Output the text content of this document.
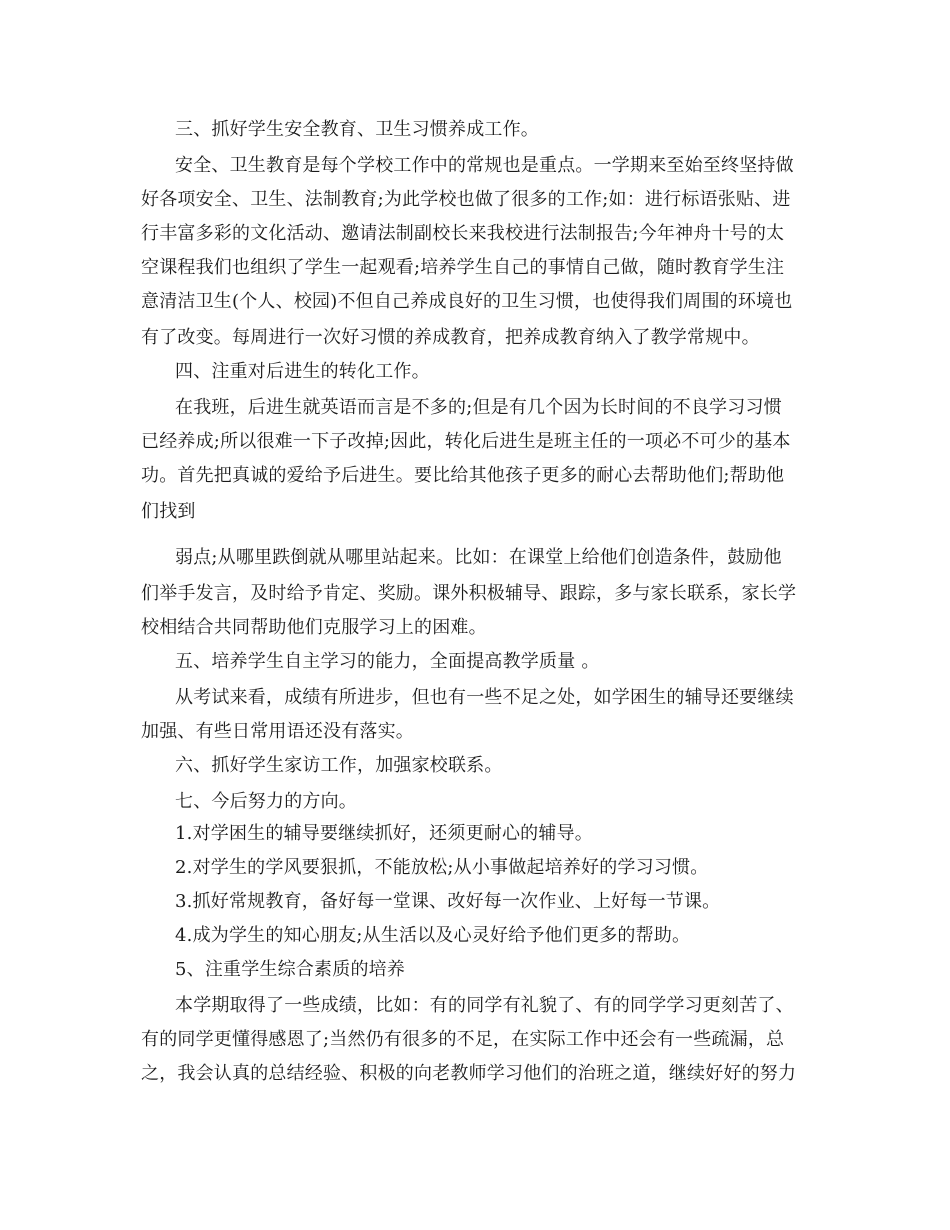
三、抓好学生安全教育、卫生习惯养成工作。
安全、卫生教育是每个学校工作中的常规也是重点。一学期来至始至终坚持做
好各项安全、卫生、法制教育;为此学校也做了很多的工作;如：进行标语张贴、进
行丰富多彩的文化活动、邀请法制副校长来我校进行法制报告;今年神舟十号的太
空课程我们也组织了学生一起观看;培养学生自己的事情自己做，随时教育学生注
意清洁卫生(个人、校园)不但自己养成良好的卫生习惯，也使得我们周围的环境也
有了改变。每周进行一次好习惯的养成教育，把养成教育纳入了教学常规中。
四、注重对后进生的转化工作。
在我班，后进生就英语而言是不多的;但是有几个因为长时间的不良学习习惯
已经养成;所以很难一下子改掉;因此，转化后进生是班主任的一项必不可少的基本
功。首先把真诚的爱给予后进生。要比给其他孩子更多的耐心去帮助他们;帮助他
们找到
弱点;从哪里跌倒就从哪里站起来。比如：在课堂上给他们创造条件，鼓励他
们举手发言，及时给予肯定、奖励。课外积极辅导、跟踪，多与家长联系，家长学
校相结合共同帮助他们克服学习上的困难。
五、培养学生自主学习的能力，全面提高教学质量 。
从考试来看，成绩有所进步，但也有一些不足之处，如学困生的辅导还要继续
加强、有些日常用语还没有落实。
六、抓好学生家访工作，加强家校联系。
七、今后努力的方向。
1.对学困生的辅导要继续抓好，还须更耐心的辅导。
2.对学生的学风要狠抓，不能放松;从小事做起培养好的学习习惯。
3.抓好常规教育，备好每一堂课、改好每一次作业、上好每一节课。
4.成为学生的知心朋友;从生活以及心灵好给予他们更多的帮助。
5、注重学生综合素质的培养
本学期取得了一些成绩，比如：有的同学有礼貌了、有的同学学习更刻苦了、
有的同学更懂得感恩了;当然仍有很多的不足，在实际工作中还会有一些疏漏，总
之，我会认真的总结经验、积极的向老教师学习他们的治班之道，继续好好的努力
